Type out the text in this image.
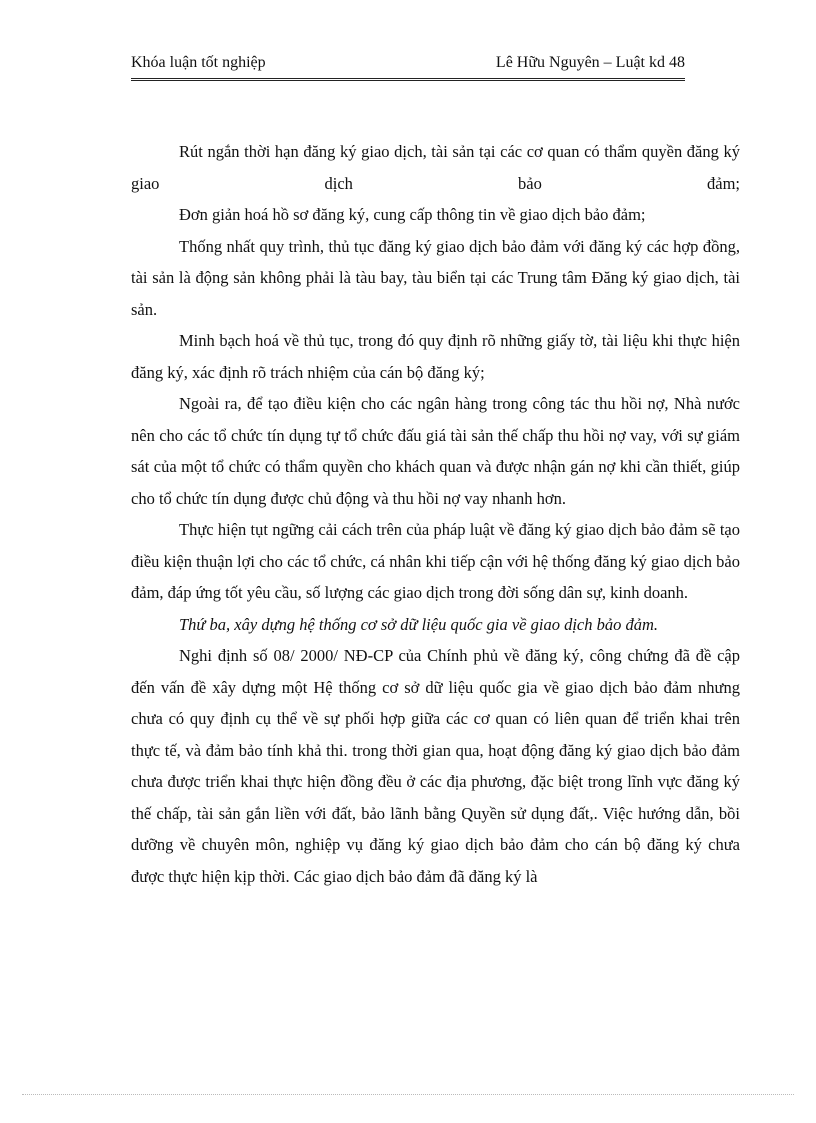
Khóa luận tốt nghiệp	Lê Hữu Nguyên – Luật kd 48

Rút ngắn thời hạn đăng ký giao dịch, tài sản tại các cơ quan có thẩm quyền đăng ký giao dịch bảo đảm;

Đơn giản hoá hồ sơ đăng ký, cung cấp thông tin về giao dịch bảo đảm;

Thống nhất quy trình, thủ tục đăng ký giao dịch bảo đảm với đăng ký các hợp đồng, tài sản là động sản không phải là tàu bay, tàu biển tại các Trung tâm Đăng ký giao dịch, tài sản.

Minh bạch hoá về thủ tục, trong đó quy định rõ những giấy tờ, tài liệu khi thực hiện đăng ký, xác định rõ trách nhiệm của cán bộ đăng ký;

Ngoài ra, để tạo điều kiện cho các ngân hàng trong công tác thu hồi nợ, Nhà nước nên cho các tổ chức tín dụng tự tổ chức đấu giá tài sản thế chấp thu hồi nợ vay, với sự giám sát của một tổ chức có thẩm quyền cho khách quan và được nhận gán nợ khi cần thiết, giúp cho tổ chức tín dụng được chủ động và thu hồi nợ vay nhanh hơn.

Thực hiện tụt ngững cải cách trên của pháp luật về đăng ký giao dịch bảo đảm sẽ tạo điều kiện thuận lợi cho các tổ chức, cá nhân khi tiếp cận với hệ thống đăng ký giao dịch bảo đảm, đáp ứng tốt yêu cầu, số lượng các giao dịch trong đời sống dân sự, kinh doanh.

Thứ ba, xây dựng hệ thống cơ sở dữ liệu quốc gia về giao dịch bảo đảm.

Nghi định số 08/ 2000/ NĐ-CP của Chính phủ về đăng ký, công chứng đã đề cập đến vấn đề xây dựng một Hệ thống cơ sở dữ liệu quốc gia về giao dịch bảo đảm nhưng chưa có quy định cụ thể về sự phối hợp giữa các cơ quan có liên quan để triển khai trên thực tế, và đảm bảo tính khả thi. trong thời gian qua, hoạt động đăng ký giao dịch bảo đảm chưa được triển khai thực hiện đồng đều ở các địa phương, đặc biệt trong lĩnh vực đăng ký thế chấp, tài sản gắn liền với đất, bảo lãnh bằng Quyền sử dụng đất,. Việc hướng dẫn, bồi dưỡng về chuyên môn, nghiệp vụ đăng ký giao dịch bảo đảm cho cán bộ đăng ký chưa được thực hiện kịp thời. Các giao dịch bảo đảm đã đăng ký là
